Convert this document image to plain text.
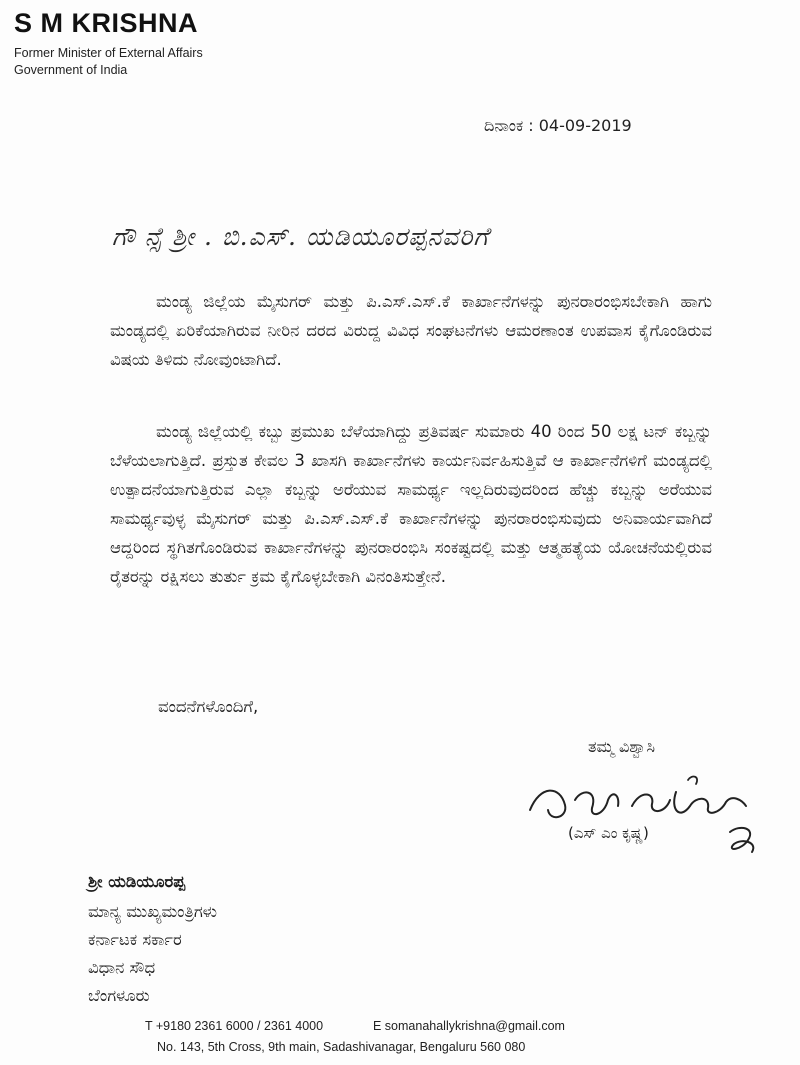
S M KRISHNA
Former Minister of External Affairs
Government of India
ದಿನಾಂಕ : 04-09-2019
ಗೌ ನ್ಸೆ ಶ್ರೀ . ಬಿ.ಎಸ್. ಯಡಿಯೂರಪ್ಪನವರಿಗೆ
ಮಂಡ್ಯ ಜಿಲ್ಲೆಯ ಮೈಸುಗರ್ ಮತ್ತು ಪಿ.ಎಸ್.ಎಸ್.ಕೆ ಕಾರ್ಖಾನೆಗಳನ್ನು ಪುನರಾರಂಭಿಸಬೇಕಾಗಿ ಹಾಗು ಮಂಡ್ಯದಲ್ಲಿ ಏರಿಕೆಯಾಗಿರುವ ನೀರಿನ ದರದ ವಿರುದ್ದ ವಿವಿಧ ಸಂಘಟನೆಗಳು ಆಮರಣಾಂತ ಉಪವಾಸ ಕೈಗೊಂಡಿರುವ ವಿಷಯ ತಿಳಿದು ನೋವುಂಟಾಗಿದೆ.
ಮಂಡ್ಯ ಜಿಲ್ಲೆಯಲ್ಲಿ ಕಬ್ಬು ಪ್ರಮುಖ ಬೆಳೆಯಾಗಿದ್ದು ಪ್ರತಿವರ್ಷ ಸುಮಾರು 40 ರಿಂದ 50 ಲಕ್ಷ ಟನ್ ಕಬ್ಬನ್ನು ಬೆಳೆಯಲಾಗುತ್ತಿದೆ. ಪ್ರಸ್ತುತ ಕೇವಲ 3 ಖಾಸಗಿ ಕಾರ್ಖಾನೆಗಳು ಕಾರ್ಯನಿರ್ವಹಿಸುತ್ತಿವೆ ಆ ಕಾರ್ಖಾನೆಗಳಿಗೆ ಮಂಡ್ಯದಲ್ಲಿ ಉತ್ಪಾದನೆಯಾಗುತ್ತಿರುವ ಎಲ್ಲಾ ಕಬ್ಬನ್ನು ಅರೆಯುವ ಸಾಮರ್ಥ್ಯ ಇಲ್ಲದಿರುವುದರಿಂದ ಹೆಚ್ಚು ಕಬ್ಬನ್ನು ಅರೆಯುವ ಸಾಮರ್ಥ್ಯವುಳ್ಳ ಮೈಸುಗರ್ ಮತ್ತು ಪಿ.ಎಸ್.ಎಸ್.ಕೆ ಕಾರ್ಖಾನೆಗಳನ್ನು ಪುನರಾರಂಭಿಸುವುದು ಅನಿವಾರ್ಯವಾಗಿದೆ ಆದ್ದರಿಂದ ಸ್ಥಗಿತಗೊಂಡಿರುವ ಕಾರ್ಖಾನೆಗಳನ್ನು ಪುನರಾರಂಭಿಸಿ ಸಂಕಷ್ಟದಲ್ಲಿ ಮತ್ತು ಆತ್ಮಹತ್ಯೆಯ ಯೋಚನೆಯಲ್ಲಿರುವ ರೈತರನ್ನು ರಕ್ಷಿಸಲು ತುರ್ತು ಕ್ರಮ ಕೈಗೊಳ್ಳಬೇಕಾಗಿ ವಿನಂತಿಸುತ್ತೇನೆ.
ವಂದನೆಗಳೊಂದಿಗೆ,
ತಮ್ಮ ವಿಶ್ವಾಸಿ
(ಎಸ್ ಎಂ ಕೃಷ್ಣ)
ಶ್ರೀ ಯಡಿಯೂರಪ್ಪ
ಮಾನ್ಯ ಮುಖ್ಯಮಂತ್ರಿಗಳು
ಕರ್ನಾಟಕ ಸರ್ಕಾರ
ವಿಧಾನ ಸೌಧ
ಬೆಂಗಳೂರು
T +9180 2361 6000 / 2361 4000	E somanahallykrishna@gmail.com
No. 143, 5th Cross, 9th main, Sadashivanagar, Bengaluru 560 080
